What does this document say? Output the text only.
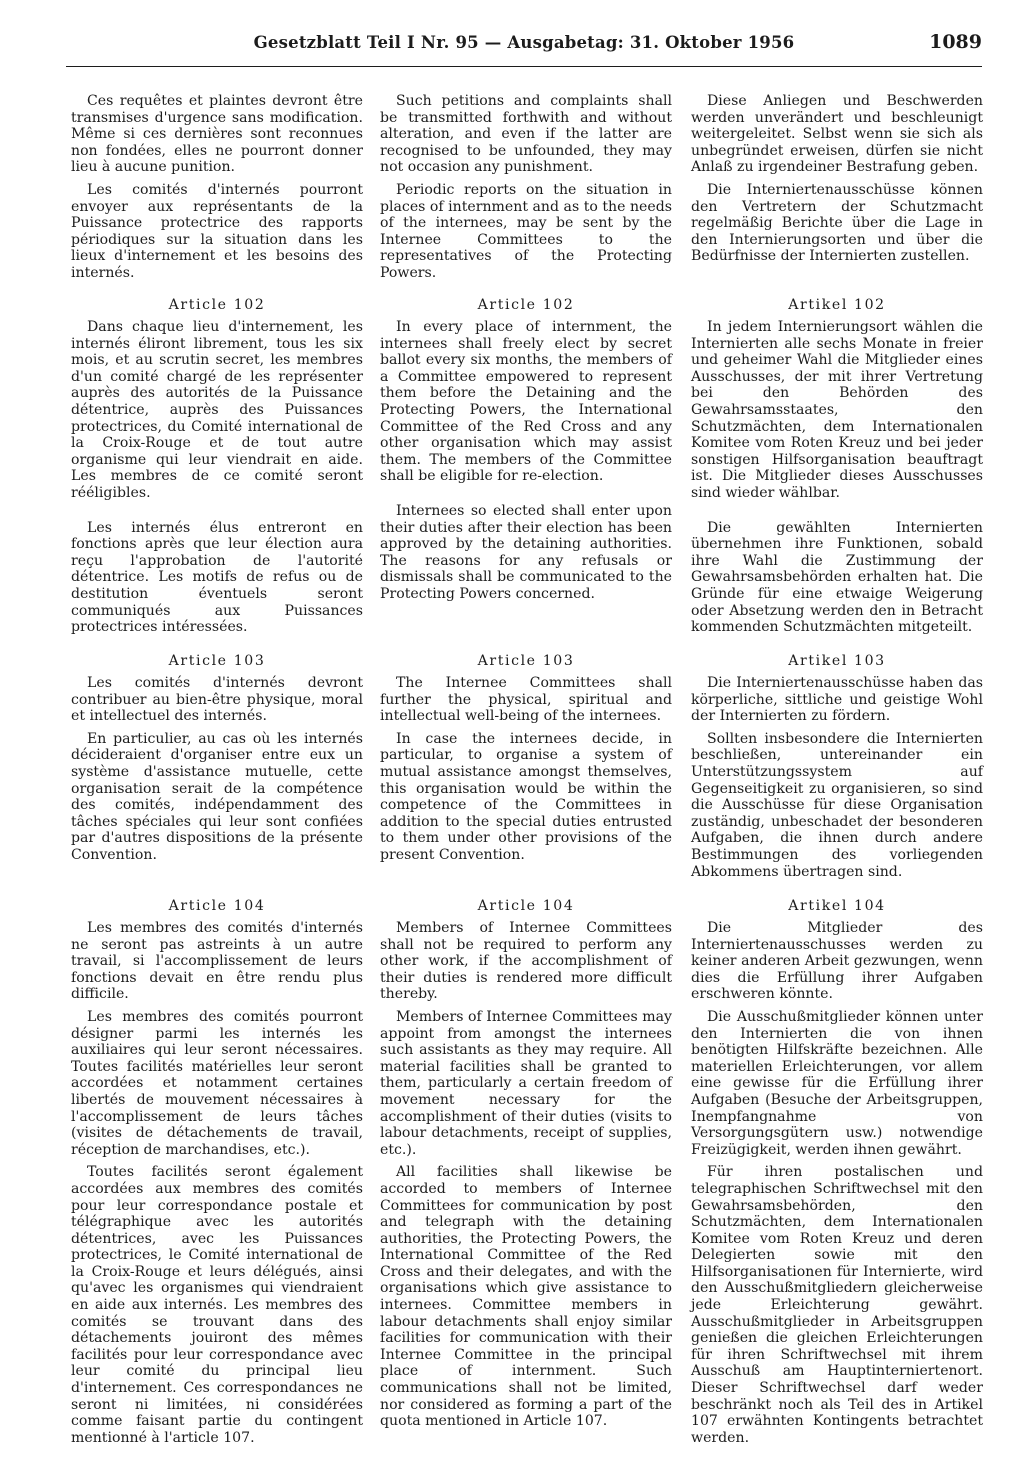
Gesetzblatt Teil I Nr. 95 — Ausgabetag: 31. Oktober 1956	1089

Ces requêtes et plaintes devront être transmises d'urgence sans modification. Même si ces dernières sont reconnues non fondées, elles ne pourront donner lieu à aucune punition.

Les comités d'internés pourront envoyer aux représentants de la Puissance protectrice des rapports périodiques sur la situation dans les lieux d'internement et les besoins des internés.

Article 102

Dans chaque lieu d'internement, les internés éliront librement, tous les six mois, et au scrutin secret, les membres d'un comité chargé de les représenter auprès des autorités de la Puissance détentrice, auprès des Puissances protectrices, du Comité international de la Croix-Rouge et de tout autre organisme qui leur viendrait en aide. Les membres de ce comité seront rééligibles.

Les internés élus entreront en fonctions après que leur élection aura reçu l'approbation de l'autorité détentrice. Les motifs de refus ou de destitution éventuels seront communiqués aux Puissances protectrices intéressées.

Article 103

Les comités d'internés devront contribuer au bien-être physique, moral et intellectuel des internés.

En particulier, au cas où les internés décideraient d'organiser entre eux un système d'assistance mutuelle, cette organisation serait de la compétence des comités, indépendamment des tâches spéciales qui leur sont confiées par d'autres dispositions de la présente Convention.

Article 104

Les membres des comités d'internés ne seront pas astreints à un autre travail, si l'accomplissement de leurs fonctions devait en être rendu plus difficile.

Les membres des comités pourront désigner parmi les internés les auxiliaires qui leur seront nécessaires. Toutes facilités matérielles leur seront accordées et notamment certaines libertés de mouvement nécessaires à l'accomplissement de leurs tâches (visites de détachements de travail, réception de marchandises, etc.).

Toutes facilités seront également accordées aux membres des comités pour leur correspondance postale et télégraphique avec les autorités détentrices, avec les Puissances protectrices, le Comité international de la Croix-Rouge et leurs délégués, ainsi qu'avec les organismes qui viendraient en aide aux internés. Les membres des comités se trouvant dans des détachements jouiront des mêmes facilités pour leur correspondance avec leur comité du principal lieu d'internement. Ces correspondances ne seront ni limitées, ni considérées comme faisant partie du contingent mentionné à l'article 107.

Such petitions and complaints shall be transmitted forthwith and without alteration, and even if the latter are recognised to be unfounded, they may not occasion any punishment.

Periodic reports on the situation in places of internment and as to the needs of the internees, may be sent by the Internee Committees to the representatives of the Protecting Powers.

Article 102

In every place of internment, the internees shall freely elect by secret ballot every six months, the members of a Committee empowered to represent them before the Detaining and the Protecting Powers, the International Committee of the Red Cross and any other organisation which may assist them. The members of the Committee shall be eligible for re-election.

Internees so elected shall enter upon their duties after their election has been approved by the detaining authorities. The reasons for any refusals or dismissals shall be communicated to the Protecting Powers concerned.

Article 103

The Internee Committees shall further the physical, spiritual and intellectual well-being of the internees.

In case the internees decide, in particular, to organise a system of mutual assistance amongst themselves, this organisation would be within the competence of the Committees in addition to the special duties entrusted to them under other provisions of the present Convention.

Article 104

Members of Internee Committees shall not be required to perform any other work, if the accomplishment of their duties is rendered more difficult thereby.

Members of Internee Committees may appoint from amongst the internees such assistants as they may require. All material facilities shall be granted to them, particularly a certain freedom of movement necessary for the accomplishment of their duties (visits to labour detachments, receipt of supplies, etc.).

All facilities shall likewise be accorded to members of Internee Committees for communication by post and telegraph with the detaining authorities, the Protecting Powers, the International Committee of the Red Cross and their delegates, and with the organisations which give assistance to internees. Committee members in labour detachments shall enjoy similar facilities for communication with their Internee Committee in the principal place of internment. Such communications shall not be limited, nor considered as forming a part of the quota mentioned in Article 107.

Diese Anliegen und Beschwerden werden unverändert und beschleunigt weitergeleitet. Selbst wenn sie sich als unbegründet erweisen, dürfen sie nicht Anlaß zu irgendeiner Bestrafung geben.

Die Interniertenausschüsse können den Vertretern der Schutzmacht regelmäßig Berichte über die Lage in den Internierungsorten und über die Bedürfnisse der Internierten zustellen.

Artikel 102

In jedem Internierungsort wählen die Internierten alle sechs Monate in freier und geheimer Wahl die Mitglieder eines Ausschusses, der mit ihrer Vertretung bei den Behörden des Gewahrsamsstaates, den Schutzmächten, dem Internationalen Komitee vom Roten Kreuz und bei jeder sonstigen Hilfsorganisation beauftragt ist. Die Mitglieder dieses Ausschusses sind wieder wählbar.

Die gewählten Internierten übernehmen ihre Funktionen, sobald ihre Wahl die Zustimmung der Gewahrsamsbehörden erhalten hat. Die Gründe für eine etwaige Weigerung oder Absetzung werden den in Betracht kommenden Schutzmächten mitgeteilt.

Artikel 103

Die Interniertenausschüsse haben das körperliche, sittliche und geistige Wohl der Internierten zu fördern.

Sollten insbesondere die Internierten beschließen, untereinander ein Unterstützungssystem auf Gegenseitigkeit zu organisieren, so sind die Ausschüsse für diese Organisation zuständig, unbeschadet der besonderen Aufgaben, die ihnen durch andere Bestimmungen des vorliegenden Abkommens übertragen sind.

Artikel 104

Die Mitglieder des Interniertenausschusses werden zu keiner anderen Arbeit gezwungen, wenn dies die Erfüllung ihrer Aufgaben erschweren könnte.

Die Ausschußmitglieder können unter den Internierten die von ihnen benötigten Hilfskräfte bezeichnen. Alle materiellen Erleichterungen, vor allem eine gewisse für die Erfüllung ihrer Aufgaben (Besuche der Arbeitsgruppen, Inempfangnahme von Versorgungsgütern usw.) notwendige Freizügigkeit, werden ihnen gewährt.

Für ihren postalischen und telegraphischen Schriftwechsel mit den Gewahrsamsbehörden, den Schutzmächten, dem Internationalen Komitee vom Roten Kreuz und deren Delegierten sowie mit den Hilfsorganisationen für Internierte, wird den Ausschußmitgliedern gleicherweise jede Erleichterung gewährt. Ausschußmitglieder in Arbeitsgruppen genießen die gleichen Erleichterungen für ihren Schriftwechsel mit ihrem Ausschuß am Hauptinterniertenort. Dieser Schriftwechsel darf weder beschränkt noch als Teil des in Artikel 107 erwähnten Kontingents betrachtet werden.
